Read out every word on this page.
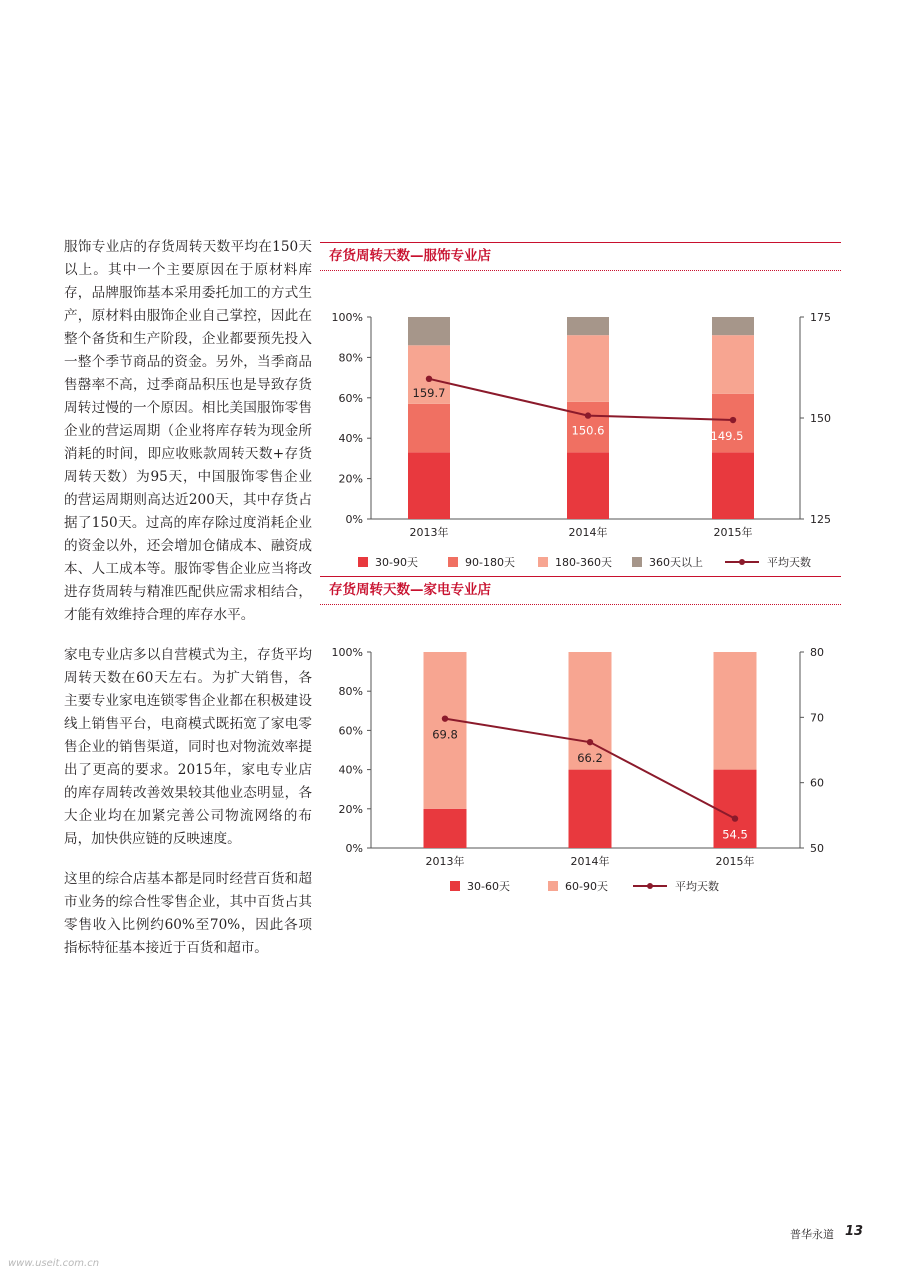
服饰专业店的存货周转天数平均在150天以上。其中一个主要原因在于原材料库存，品牌服饰基本采用委托加工的方式生产，原材料由服饰企业自己掌控，因此在整个备货和生产阶段，企业都要预先投入一整个季节商品的资金。另外，当季商品售罄率不高，过季商品积压也是导致存货周转过慢的一个原因。相比美国服饰零售企业的营运周期（企业将库存转为现金所消耗的时间，即应收账款周转天数+存货周转天数）为95天，中国服饰零售企业的营运周期则高达近200天，其中存货占据了150天。过高的库存除过度消耗企业的资金以外，还会增加仓储成本、融资成本、人工成本等。服饰零售企业应当将改进存货周转与精准匹配供应需求相结合，才能有效维持合理的库存水平。

家电专业店多以自营模式为主，存货平均周转天数在60天左右。为扩大销售，各主要专业家电连锁零售企业都在积极建设线上销售平台，电商模式既拓宽了家电零售企业的销售渠道，同时也对物流效率提出了更高的要求。2015年，家电专业店的库存周转改善效果较其他业态明显，各大企业均在加紧完善公司物流网络的布局，加快供应链的反映速度。

这里的综合店基本都是同时经营百货和超市业务的综合性零售企业，其中百货占其零售收入比例约60%至70%，因此各项指标特征基本接近于百货和超市。

存货周转天数—服饰专业店
0%
20%
40%
60%
80%
100%
125
150
175
2013年	2014年	2015年
159.7
150.6	149.5
30-90天	90-180天	180-360天	360天以上	平均天数
存货周转天数—家电专业店
0%
20%
40%
60%
80%
100%
50
60
70
80
2013年	2014年	2015年
69.8
66.2
54.5
30-60天	60-90天	平均天数
普华永道 13
www.useit.com.cn
